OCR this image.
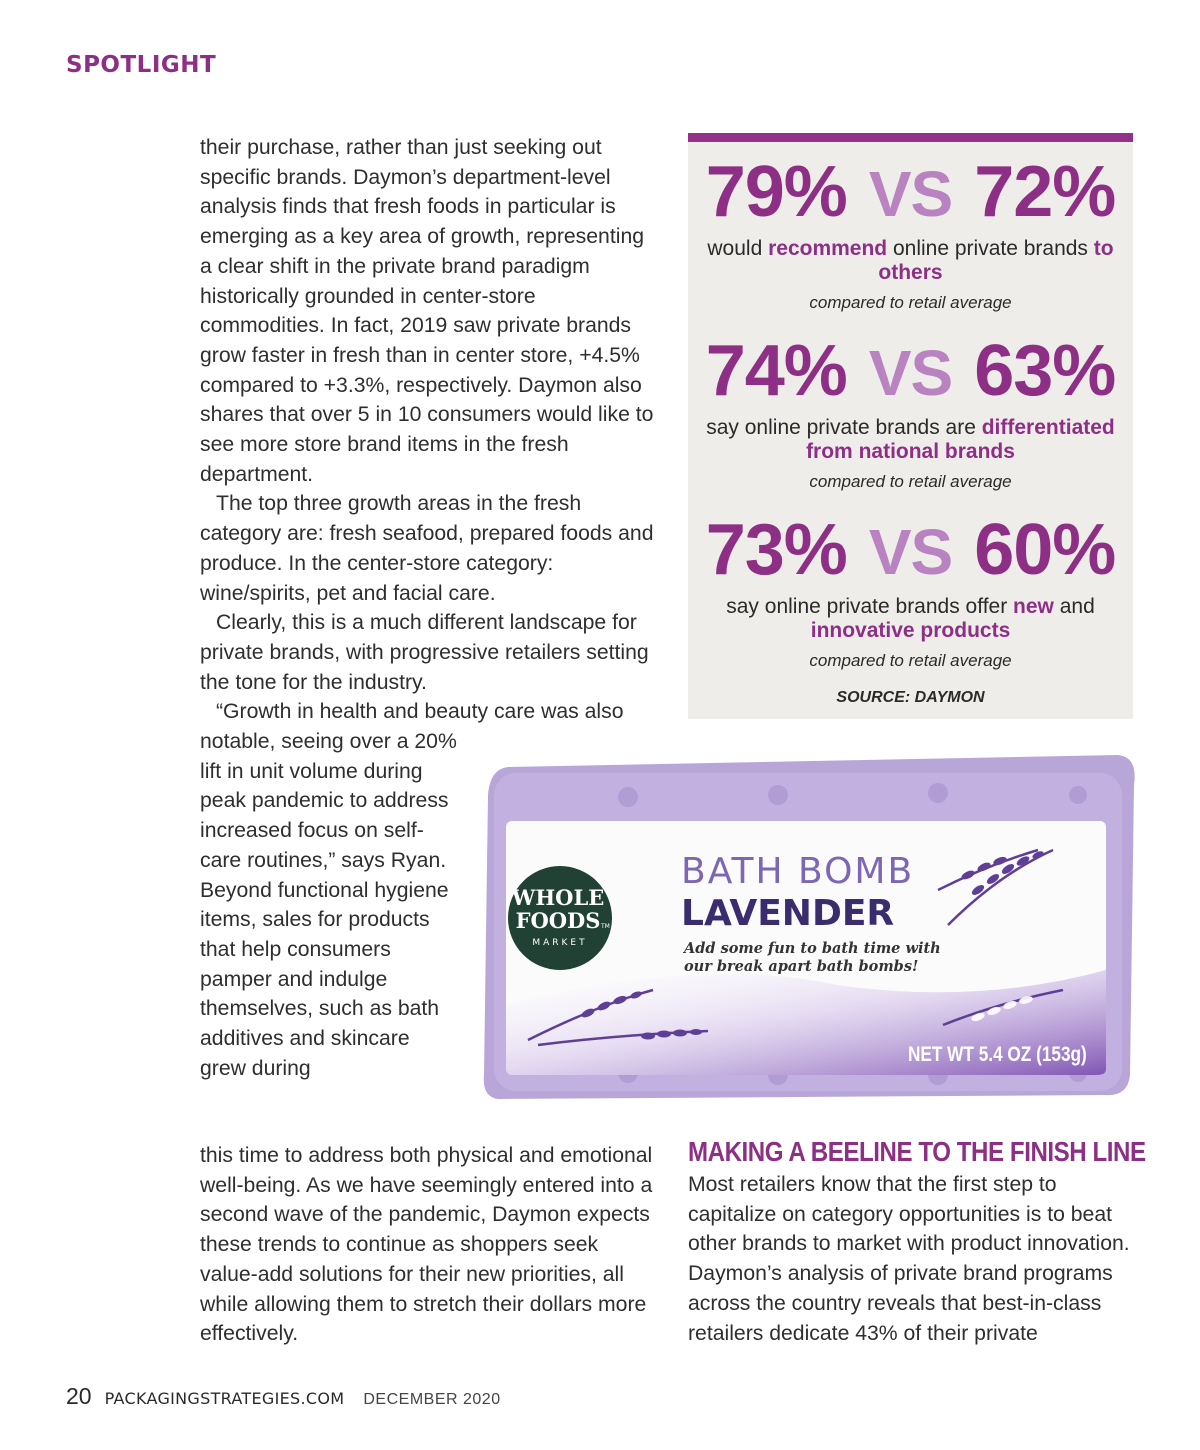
SPOTLIGHT

their purchase, rather than just seeking out specific brands. Daymon’s department-level analysis finds that fresh foods in particular is emerging as a key area of growth, representing a clear shift in the private brand paradigm historically grounded in center-store commodities. In fact, 2019 saw private brands grow faster in fresh than in center store, +4.5% compared to +3.3%, respectively. Daymon also shares that over 5 in 10 consumers would like to see more store brand items in the fresh department.

The top three growth areas in the fresh category are: fresh seafood, prepared foods and produce. In the center-store category: wine/spirits, pet and facial care.

Clearly, this is a much different landscape for private brands, with progressive retailers setting the tone for the industry.

“Growth in health and beauty care was also

notable, seeing over a 20% lift in unit volume during peak pandemic to address increased focus on self-care routines,” says Ryan. Beyond functional hygiene items, sales for products that help consumers pamper and indulge themselves, such as bath additives and skincare grew during

this time to address both physical and emotional well-being. As we have seemingly entered into a second wave of the pandemic, Daymon expects these trends to continue as shoppers seek value-add solutions for their new priorities, all while allowing them to stretch their dollars more effectively.

79% VS 72%
would recommend online private brands to others
compared to retail average
74% VS 63%
say online private brands are differentiated from national brands
compared to retail average
73% VS 60%
say online private brands offer new and innovative products
compared to retail average
SOURCE: DAYMON
WHOLE
FOODS TM
MARKET
BATH BOMB
LAVENDER
Add some fun to bath time with
our break apart bath bombs!
NET WT 5.4 OZ (153g)
MAKING A BEELINE TO THE FINISH LINE

Most retailers know that the first step to capitalize on category opportunities is to beat other brands to market with product innovation. Daymon’s analysis of private brand programs across the country reveals that best-in-class retailers dedicate 43% of their private

20 PACKAGINGSTRATEGIES.COM DECEMBER 2020
